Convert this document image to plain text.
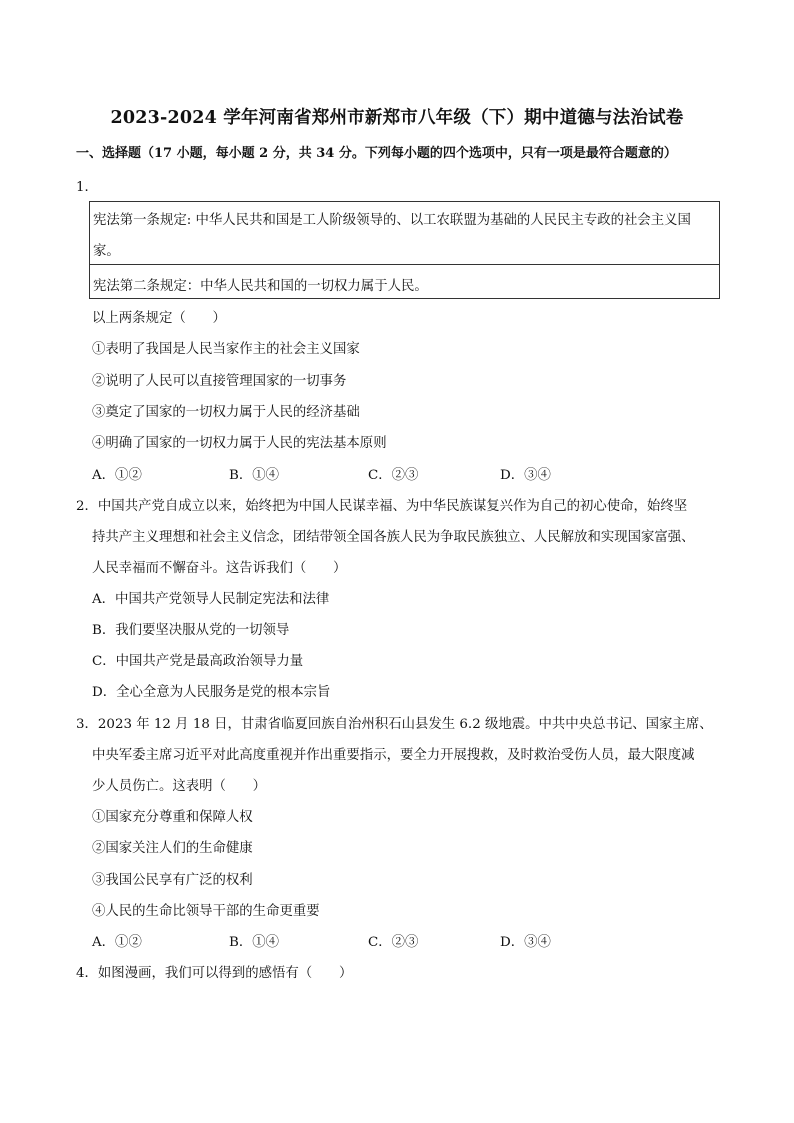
2023-2024 学年河南省郑州市新郑市八年级（下）期中道德与法治试卷
一、选择题（17 小题，每小题 2 分，共 34 分。下列每小题的四个选项中，只有一项是最符合题意的）
1．
宪法第一条规定: 中华人民共和国是工人阶级领导的、以工农联盟为基础的人民民主专政的社会主义国
家。
宪法第二条规定：中华人民共和国的一切权力属于人民。
以上两条规定（　　）
①表明了我国是人民当家作主的社会主义国家
②说明了人民可以直接管理国家的一切事务
③奠定了国家的一切权力属于人民的经济基础
④明确了国家的一切权力属于人民的宪法基本原则
A．①②	B．①④	C．②③	D．③④
2．中国共产党自成立以来，始终把为中国人民谋幸福、为中华民族谋复兴作为自己的初心使命，始终坚
持共产主义理想和社会主义信念，团结带领全国各族人民为争取民族独立、人民解放和实现国家富强、
人民幸福而不懈奋斗。这告诉我们（　　）
A．中国共产党领导人民制定宪法和法律
B．我们要坚决服从党的一切领导
C．中国共产党是最高政治领导力量
D．全心全意为人民服务是党的根本宗旨
3．2023 年 12 月 18 日，甘肃省临夏回族自治州积石山县发生 6.2 级地震。中共中央总书记、国家主席、
中央军委主席习近平对此高度重视并作出重要指示，要全力开展搜救，及时救治受伤人员，最大限度减
少人员伤亡。这表明（　　）
①国家充分尊重和保障人权
②国家关注人们的生命健康
③我国公民享有广泛的权利
④人民的生命比领导干部的生命更重要
A．①②	B．①④	C．②③	D．③④
4．如图漫画，我们可以得到的感悟有（　　）
